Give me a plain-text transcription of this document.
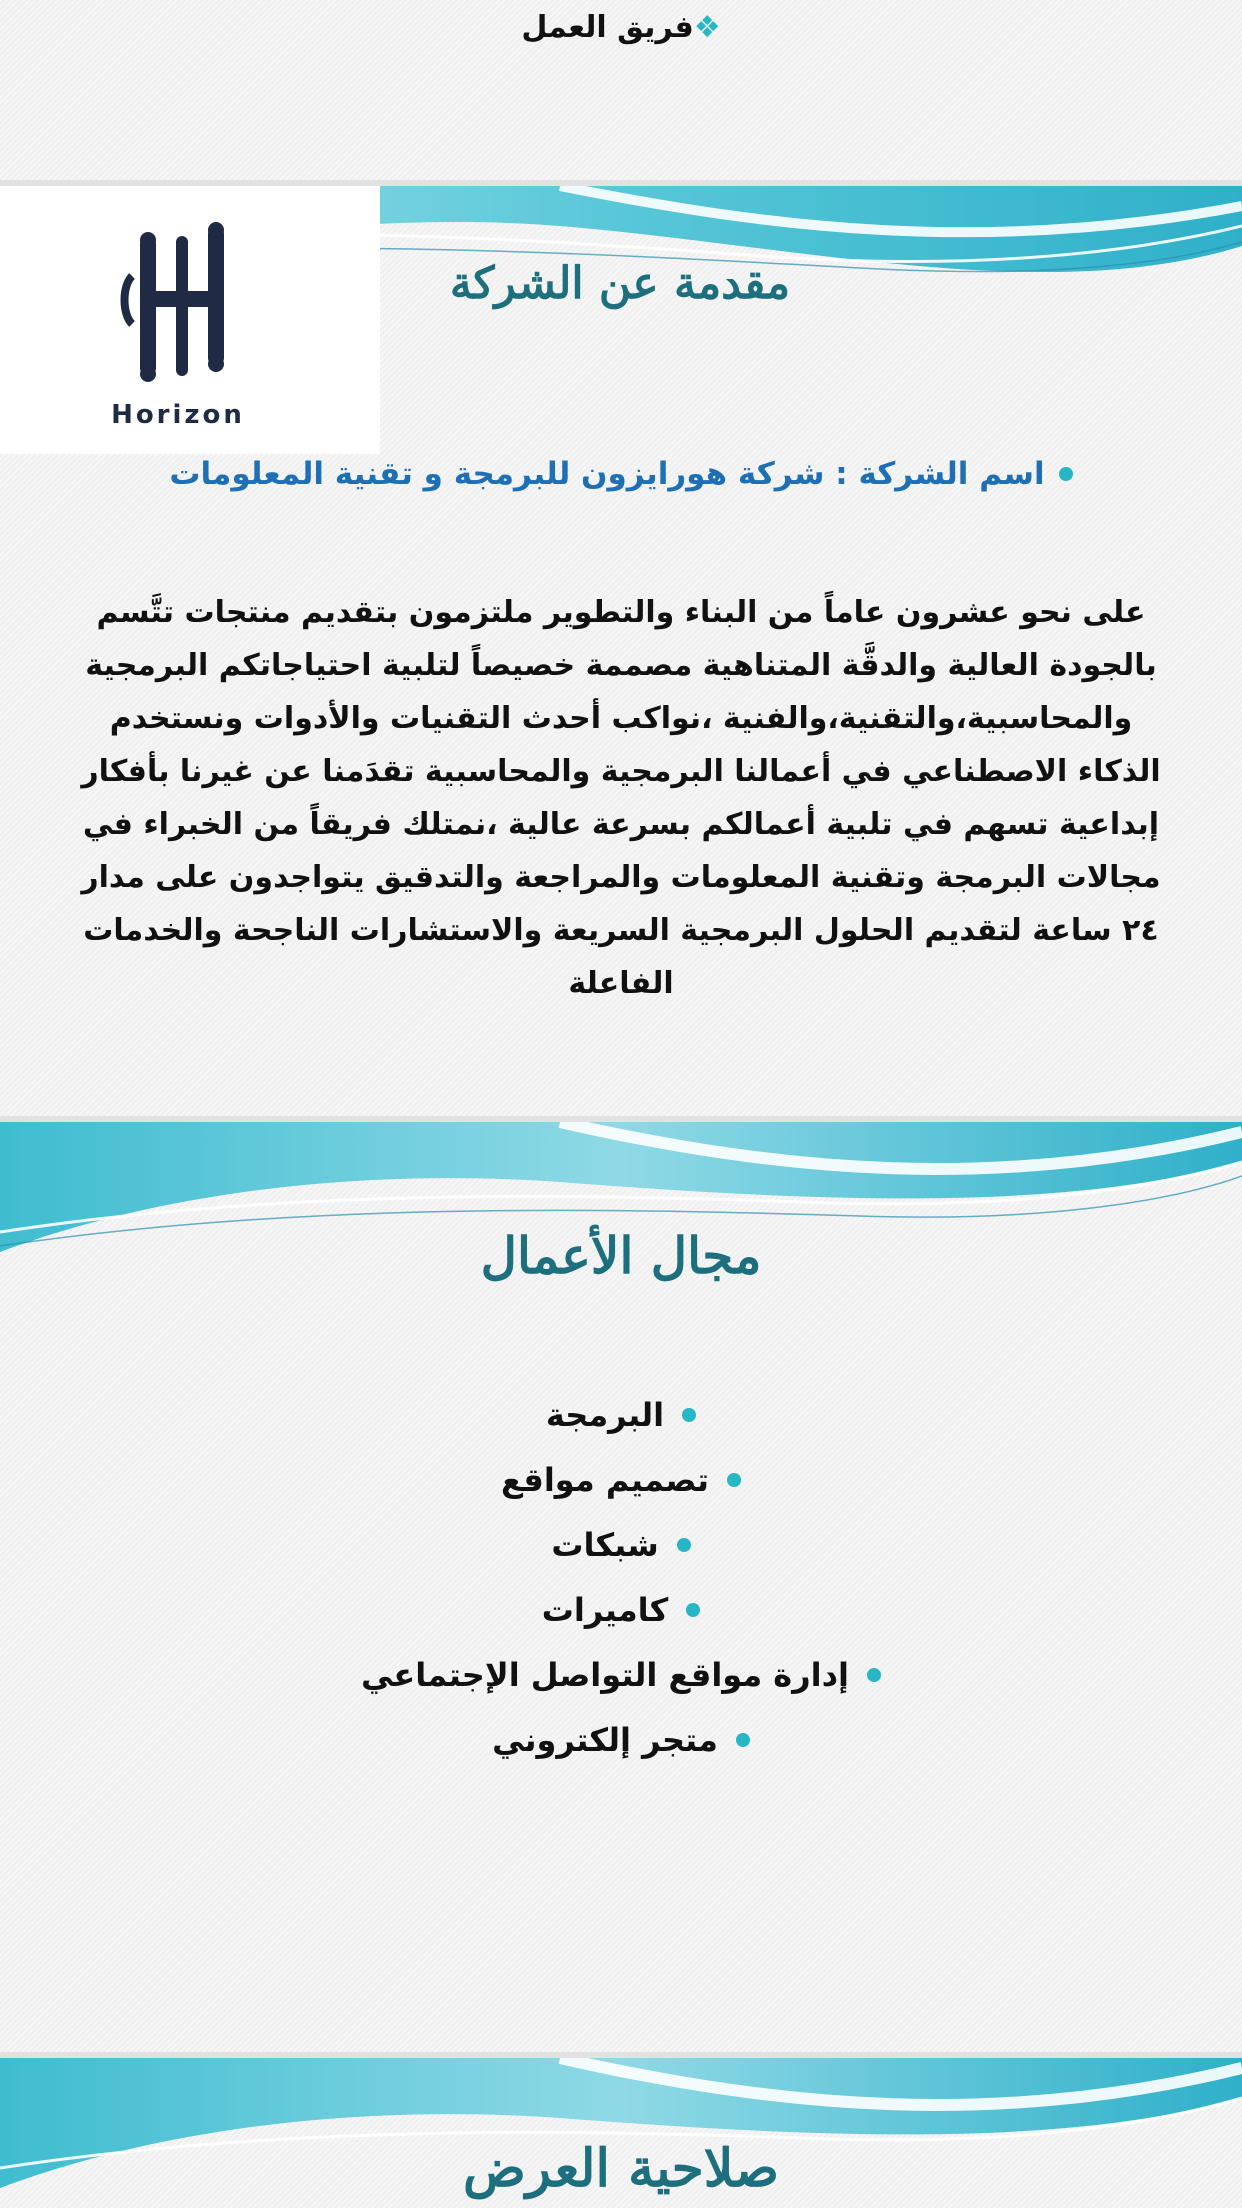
❖فريق العمل
Horizon
مقدمة عن الشركة
اسم الشركة : شركة هورايزون للبرمجة و تقنية المعلومات
على نحو عشرون عاماً من البناء والتطوير ملتزمون بتقديم منتجات تتَّسم
بالجودة العالية والدقَّة المتناهية مصممة خصيصاً لتلبية احتياجاتكم البرمجية
والمحاسبية،والتقنية،والفنية ،نواكب أحدث التقنيات والأدوات ونستخدم
الذكاء الاصطناعي في أعمالنا البرمجية والمحاسبية تقدَمنا عن غيرنا بأفكار
إبداعية تسهم في تلبية أعمالكم بسرعة عالية ،نمتلك فريقاً من الخبراء في
مجالات البرمجة وتقنية المعلومات والمراجعة والتدقيق يتواجدون على مدار
٢٤ ساعة لتقديم الحلول البرمجية السريعة والاستشارات الناجحة والخدمات
الفاعلة
مجال الأعمال
البرمجة
تصميم مواقع
شبكات
كاميرات
إدارة مواقع التواصل الإجتماعي
متجر إلكتروني
صلاحية العرض
